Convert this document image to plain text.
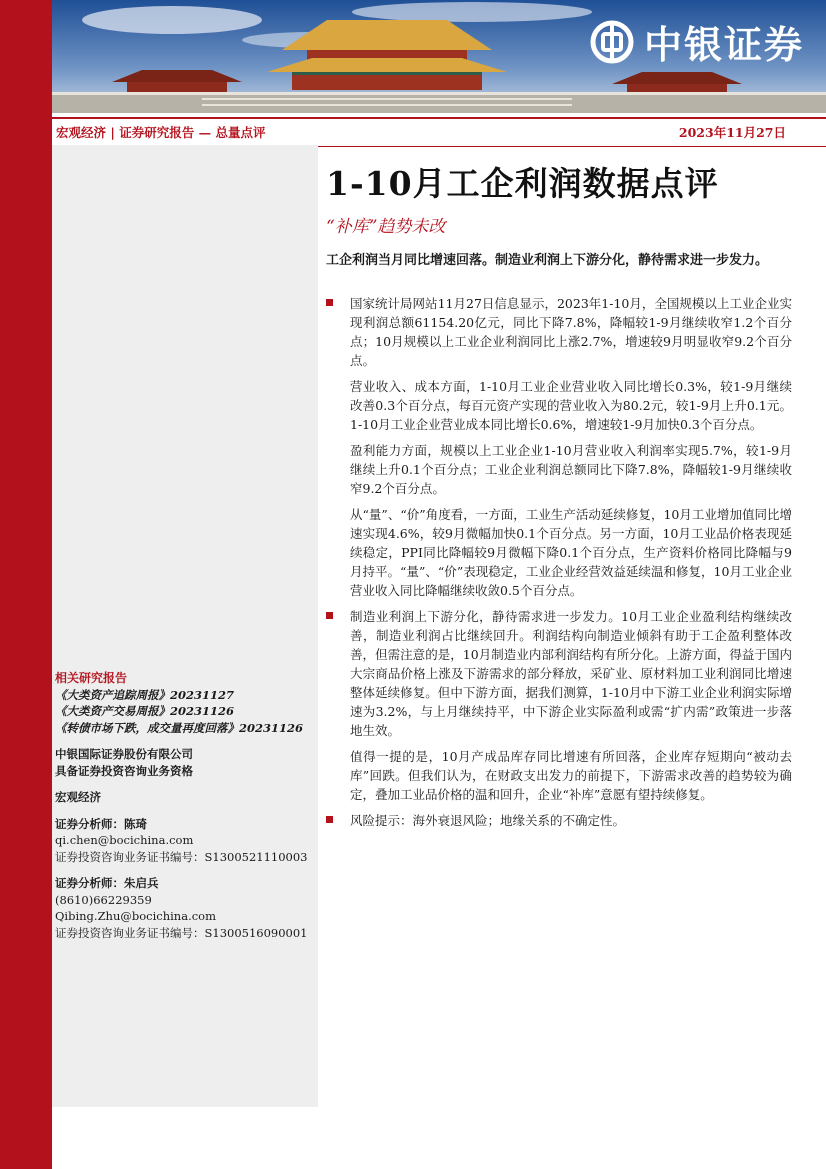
中银证券
宏观经济 | 证券研究报告 — 总量点评	2023年11月27日
1-10月工企利润数据点评
“补库”趋势未改
工企利润当月同比增速回落。制造业利润上下游分化，静待需求进一步发力。
国家统计局网站11月27日信息显示，2023年1-10月，全国规模以上工业企业实现利润总额61154.20亿元，同比下降7.8%，降幅较1-9月继续收窄1.2个百分点；10月规模以上工业企业利润同比上涨2.7%，增速较9月明显收窄9.2个百分点。
营业收入、成本方面，1-10月工业企业营业收入同比增长0.3%，较1-9月继续改善0.3个百分点，每百元资产实现的营业收入为80.2元，较1-9月上升0.1元。1-10月工业企业营业成本同比增长0.6%，增速较1-9月加快0.3个百分点。
盈利能力方面，规模以上工业企业1-10月营业收入利润率实现5.7%，较1-9月继续上升0.1个百分点；工业企业利润总额同比下降7.8%，降幅较1-9月继续收窄9.2个百分点。
从“量”、“价”角度看，一方面，工业生产活动延续修复，10月工业增加值同比增速实现4.6%，较9月微幅加快0.1个百分点。另一方面，10月工业品价格表现延续稳定，PPI同比降幅较9月微幅下降0.1个百分点，生产资料价格同比降幅与9月持平。“量”、“价”表现稳定，工业企业经营效益延续温和修复，10月工业企业营业收入同比降幅继续收敛0.5个百分点。
制造业利润上下游分化，静待需求进一步发力。10月工业企业盈利结构继续改善，制造业利润占比继续回升。利润结构向制造业倾斜有助于工企盈利整体改善，但需注意的是，10月制造业内部利润结构有所分化。上游方面，得益于国内大宗商品价格上涨及下游需求的部分释放，采矿业、原材料加工业利润同比增速整体延续修复。但中下游方面，据我们测算，1-10月中下游工业企业利润实际增速为3.2%，与上月继续持平，中下游企业实际盈利或需“扩内需”政策进一步落地生效。
值得一提的是，10月产成品库存同比增速有所回落，企业库存短期向“被动去库”回跌。但我们认为，在财政支出发力的前提下，下游需求改善的趋势较为确定，叠加工业品价格的温和回升，企业“补库”意愿有望持续修复。
风险提示：海外衰退风险；地缘关系的不确定性。
相关研究报告
《大类资产追踪周报》20231127
《大类资产交易周报》20231126
《转债市场下跌，成交量再度回落》20231126
中银国际证券股份有限公司
具备证券投资咨询业务资格
宏观经济
证券分析师：陈琦
qi.chen@bocichina.com
证券投资咨询业务证书编号：S1300521110003
证券分析师：朱启兵
(8610)66229359
Qibing.Zhu@bocichina.com
证券投资咨询业务证书编号：S1300516090001
